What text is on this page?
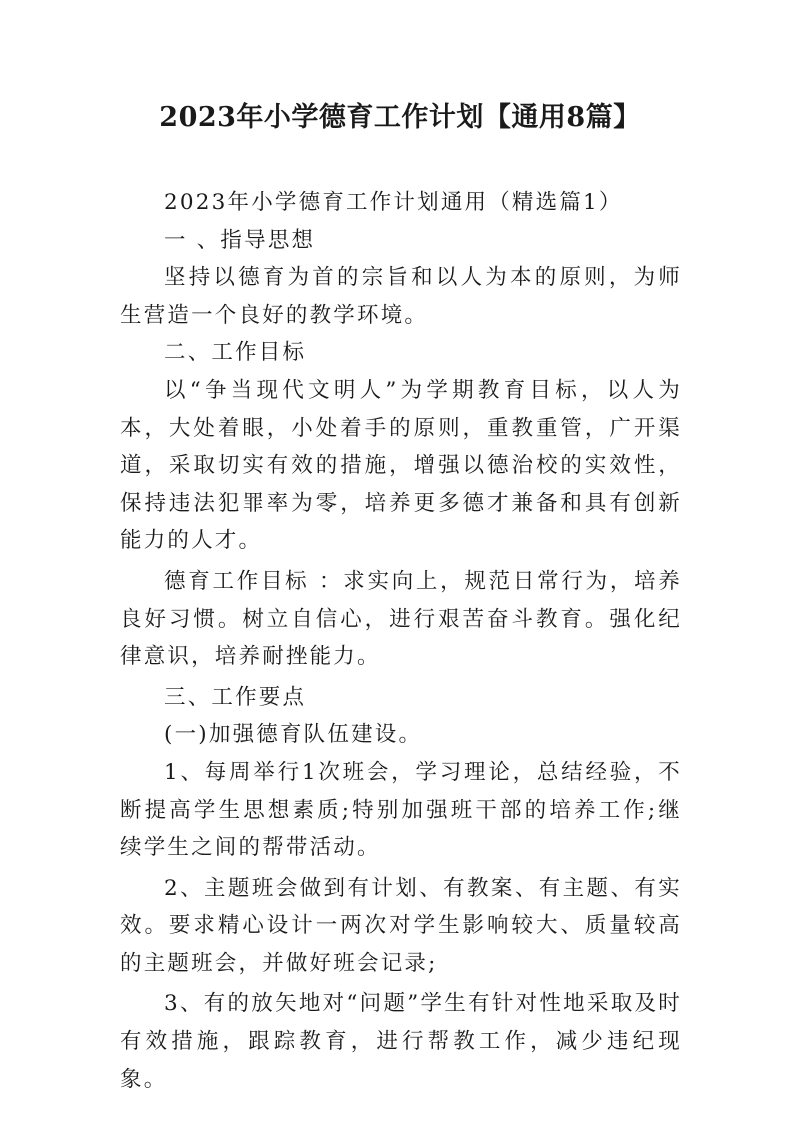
2023年小学德育工作计划【通用8篇】

2023年小学德育工作计划通用（精选篇1）

一 、指导思想

坚持以德育为首的宗旨和以人为本的原则，为师生营造一个良好的教学环境。

二、工作目标

以“争当现代文明人”为学期教育目标，以人为本，大处着眼，小处着手的原则，重教重管，广开渠道，采取切实有效的措施，增强以德治校的实效性，保持违法犯罪率为零，培养更多德才兼备和具有创新能力的人才。

德育工作目标 ：求实向上，规范日常行为，培养良好习惯。树立自信心，进行艰苦奋斗教育。强化纪律意识，培养耐挫能力。

三、工作要点

(一)加强德育队伍建设。

1、每周举行1次班会，学习理论，总结经验，不断提高学生思想素质;特别加强班干部的培养工作;继续学生之间的帮带活动。

2、主题班会做到有计划、有教案、有主题、有实效。要求精心设计一两次对学生影响较大、质量较高的主题班会，并做好班会记录;

3、有的放矢地对“问题”学生有针对性地采取及时有效措施，跟踪教育，进行帮教工作，减少违纪现象。
